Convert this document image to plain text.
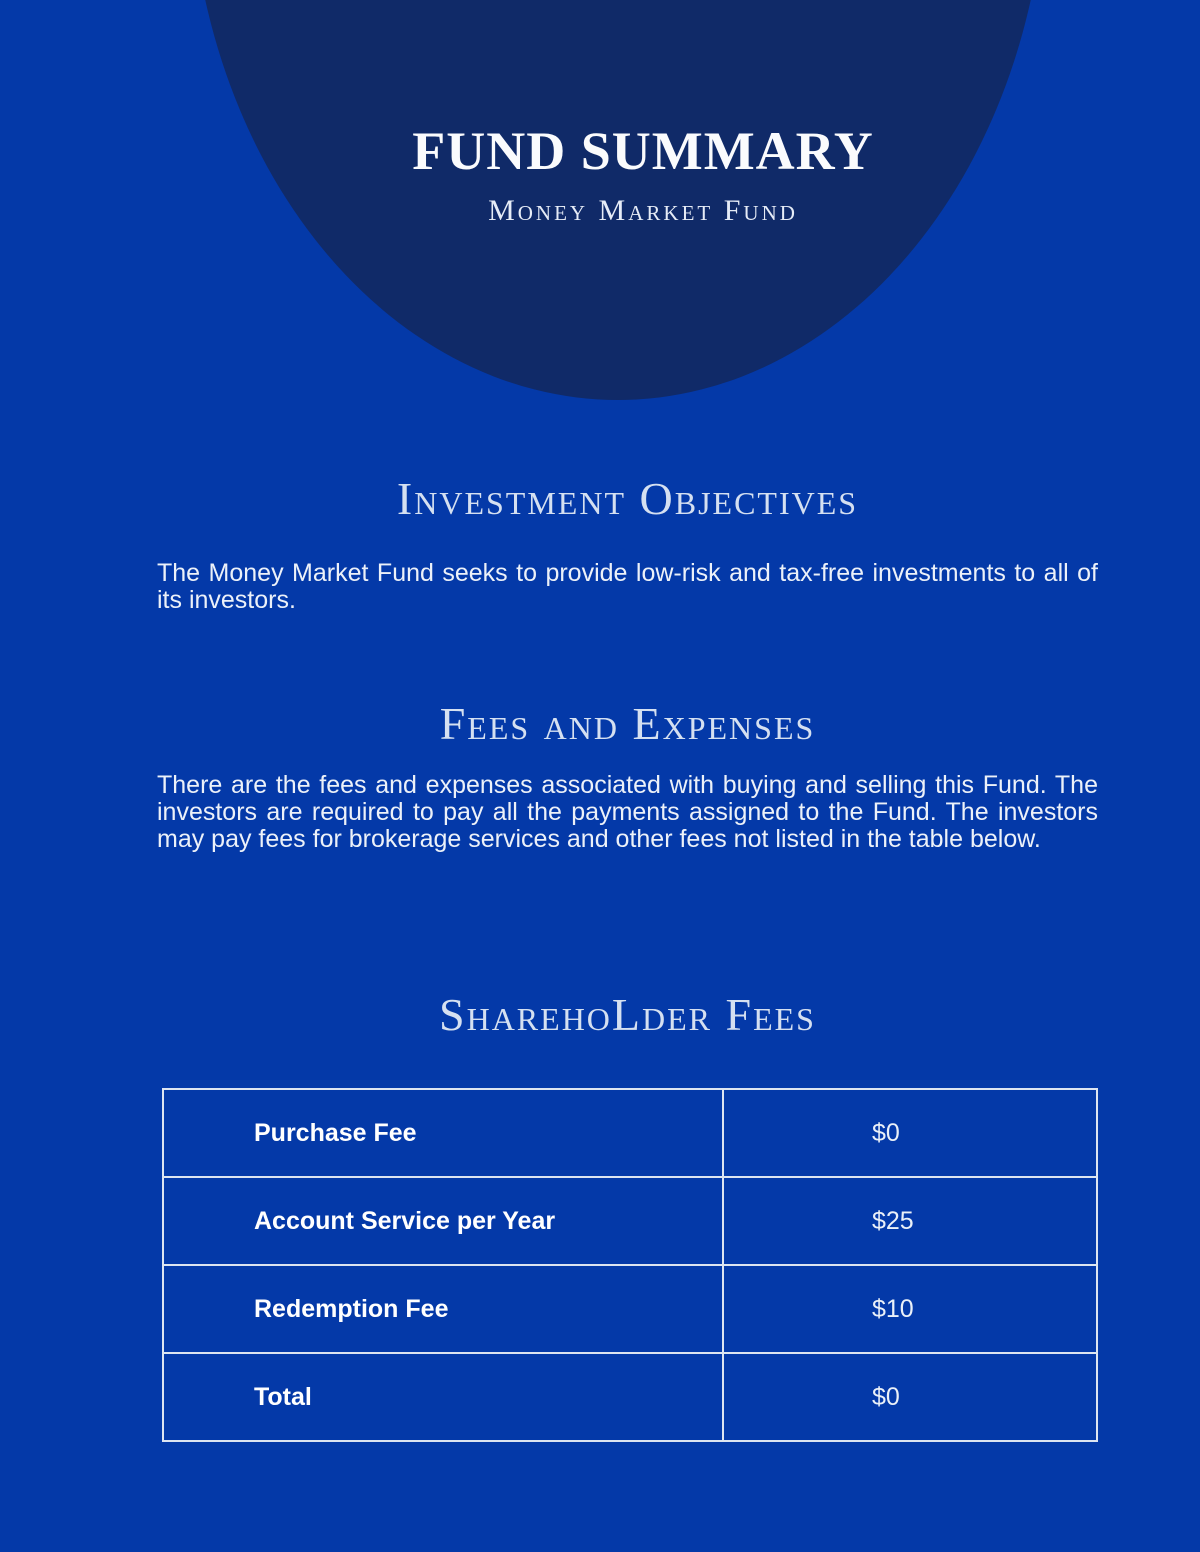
FUND SUMMARY
Money Market Fund
Investment Objectives

The Money Market Fund seeks to provide low-risk and tax-free investments to all of its investors.

Fees and Expenses

There are the fees and expenses associated with buying and selling this Fund. The investors are required to pay all the payments assigned to the Fund. The investors may pay fees for brokerage services and other fees not listed in the table below.

SharehoLder Fees
Purchase Fee	$0
Account Service per Year	$25
Redemption Fee	$10
Total	$0
